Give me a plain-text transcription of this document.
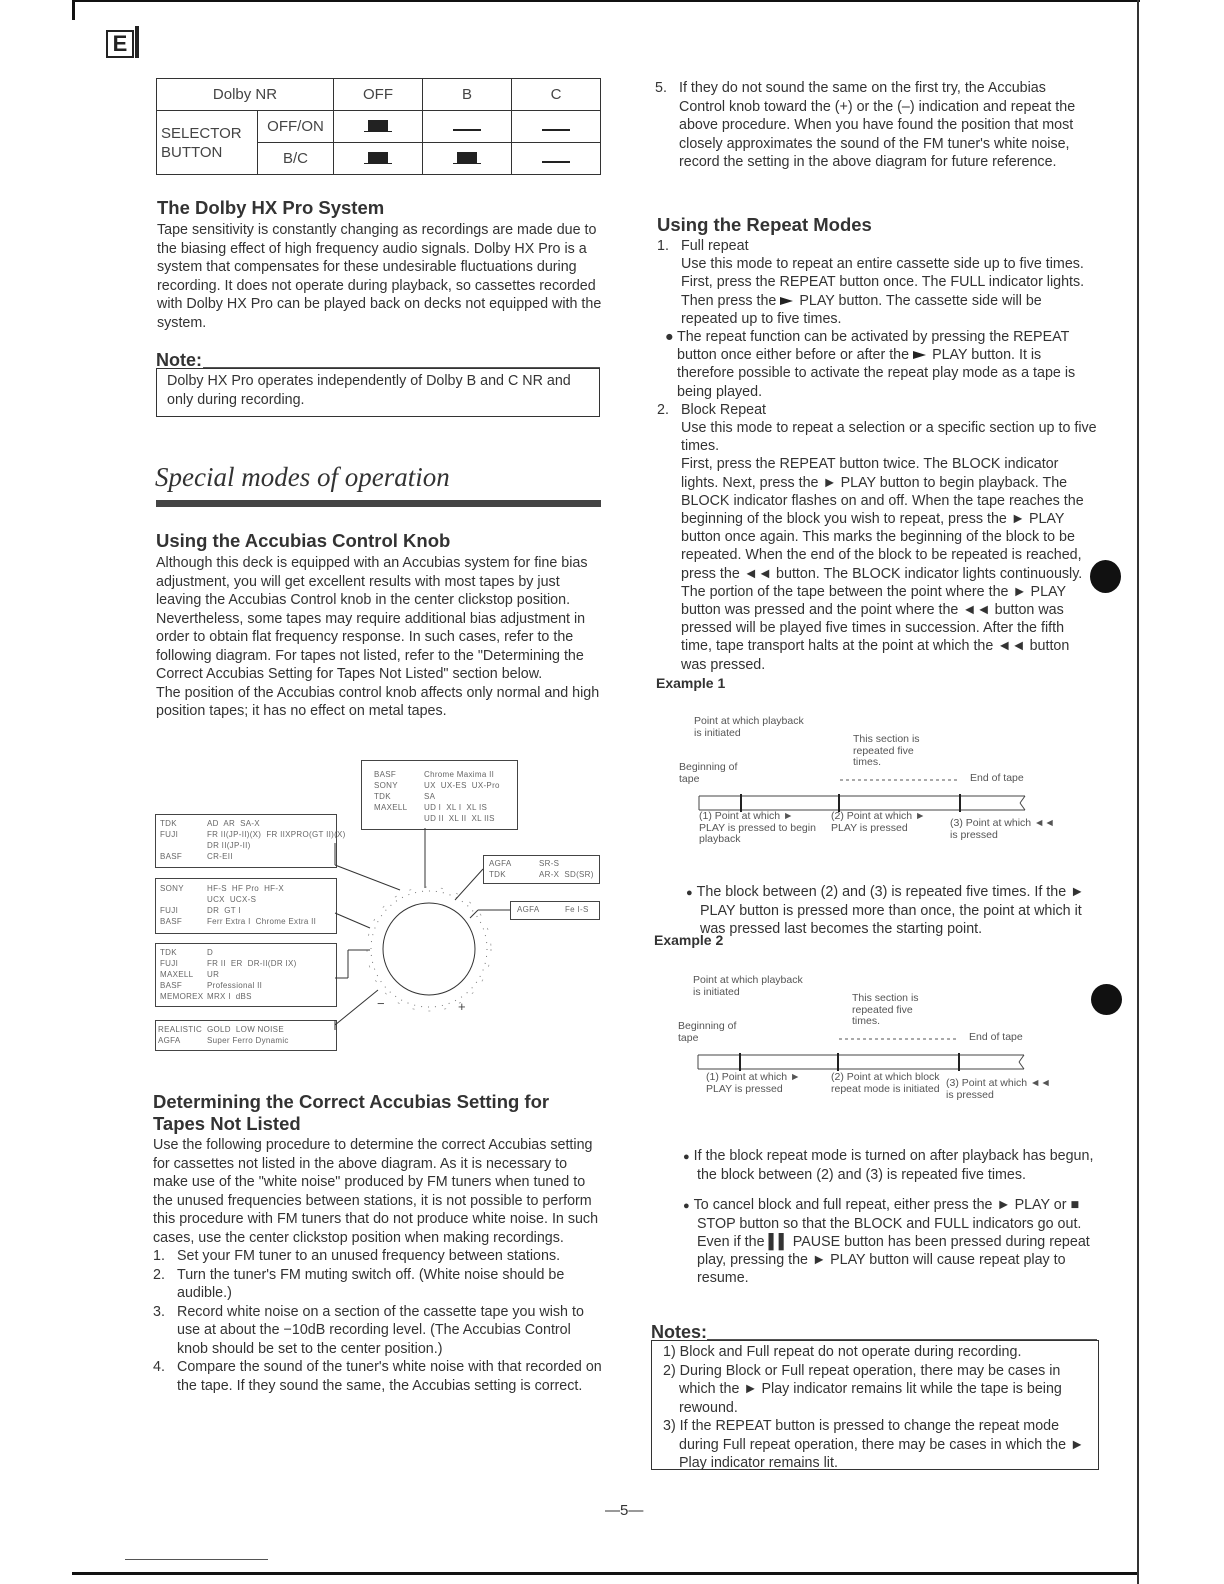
E
Dolby NR		OFF	B	C
SELECTOR BUTTON	OFF/ON			
	B/C			
The Dolby HX Pro System

Tape sensitivity is constantly changing as recordings are made due to the biasing effect of high frequency audio signals. Dolby HX Pro is a system that compensates for these undesirable fluctuations during recording. It does not operate during playback, so cassettes recorded with Dolby HX Pro can be played back on decks not equipped with the system.

Note:
Dolby HX Pro operates independently of Dolby B and C NR and only during recording.
Special modes of operation
Using the Accubias Control Knob

Although this deck is equipped with an Accubias system for fine bias adjustment, you will get excellent results with most tapes by just leaving the Accubias Control knob in the center clickstop position. Nevertheless, some tapes may require additional bias adjustment in order to obtain flat frequency response. In such cases, refer to the following diagram. For tapes not listed, refer to the "Determining the Correct Accubias Setting for Tapes Not Listed" section below.

The position of the Accubias control knob affects only normal and high position tapes; it has no effect on metal tapes.

BASF
SONY
TDK
MAXELL
Chrome Maxima II
UX  UX-ES  UX-Pro
SA
UD I  XL I  XL IS
UD II  XL II  XL IIS
TDK
FUJI

BASF
AD  AR  SA-X
FR II(JP-II)(X)  FR IIXPRO(GT II)(X)
DR II(JP-II)
CR-EII
SONY

FUJI
BASF
HF-S  HF Pro  HF-X
UCX  UCX-S
DR  GT I
Ferr Extra I  Chrome Extra II
TDK
FUJI
MAXELL
BASF
MEMOREX
D
FR II  ER  DR-II(DR IX)
UR
Professional II
MRX I  dBS
REALISTIC
AGFA
GOLD  LOW NOISE
Super Ferro Dynamic
AGFA
TDK
SR-S
AR-X  SD(SR)
AGFA	Fe I-S
−	+
Determining the Correct Accubias Setting for Tapes Not Listed

Use the following procedure to determine the correct Accubias setting for cassettes not listed in the above diagram. As it is necessary to make use of the "white noise" produced by FM tuners when tuned to the unused frequencies between stations, it is not possible to perform this procedure with FM tuners that do not produce white noise. In such cases, use the center clickstop position when making recordings.

1. Set your FM tuner to an unused frequency between stations.
2. Turn the tuner's FM muting switch off. (White noise should be audible.)
3. Record white noise on a section of the cassette tape you wish to use at about the −10dB recording level. (The Accubias Control knob should be set to the center position.)
4. Compare the sound of the tuner's white noise with that recorded on the tape. If they sound the same, the Accubias setting is correct.
5. If they do not sound the same on the first try, the Accubias Control knob toward the (+) or the (–) indication and repeat the above procedure. When you have found the position that most closely approximates the sound of the FM tuner's white noise, record the setting in the above diagram for future reference.
Using the Repeat Modes
1. Full repeat
Use this mode to repeat an entire cassette side up to five times. First, press the REPEAT button once. The FULL indicator lights. Then press the PLAY button. The cassette side will be repeated up to five times.
● The repeat function can be activated by pressing the REPEAT button once either before or after the PLAY button. It is therefore possible to activate the repeat play mode as a tape is being played.
2. Block Repeat
Use this mode to repeat a selection or a specific section up to five times.
First, press the REPEAT button twice. The BLOCK indicator lights. Next, press the ► PLAY button to begin playback. The BLOCK indicator flashes on and off. When the tape reaches the beginning of the block you wish to repeat, press the ► PLAY button once again. This marks the beginning of the block to be repeated. When the end of the block to be repeated is reached, press the ◄◄ button. The BLOCK indicator lights continuously. The portion of the tape between the point where the ► PLAY button was pressed and the point where the ◄◄ button was pressed will be played five times in succession. After the fifth time, tape transport halts at the point at which the ◄◄ button was pressed.
Example 1
Point at which playback is initiated
This section is repeated five times.
Beginning of tape	End of tape
(1) Point at which ► PLAY is pressed to begin playback
(2) Point at which ► PLAY is pressed	(3) Point at which ◄◄ is pressed
● The block between (2) and (3) is repeated five times. If the ► PLAY button is pressed more than once, the point at which it was pressed last becomes the starting point.
Example 2
Point at which playback is initiated
This section is repeated five times.
Beginning of tape	End of tape
(1) Point at which ► PLAY is pressed
(2) Point at which block repeat mode is initiated (3) Point at which ◄◄ is pressed
● If the block repeat mode is turned on after playback has begun, the block between (2) and (3) is repeated five times.
● To cancel block and full repeat, either press the ► PLAY or ■ STOP button so that the BLOCK and FULL indicators go out. Even if the ▌▌ PAUSE button has been pressed during repeat play, pressing the ► PLAY button will cause repeat play to resume.
Notes:
1) Block and Full repeat do not operate during recording.
2) During Block or Full repeat operation, there may be cases in which the ► Play indicator remains lit while the tape is being rewound.
3) If the REPEAT button is pressed to change the repeat mode during Full repeat operation, there may be cases in which the ► Play indicator remains lit.
—5—
